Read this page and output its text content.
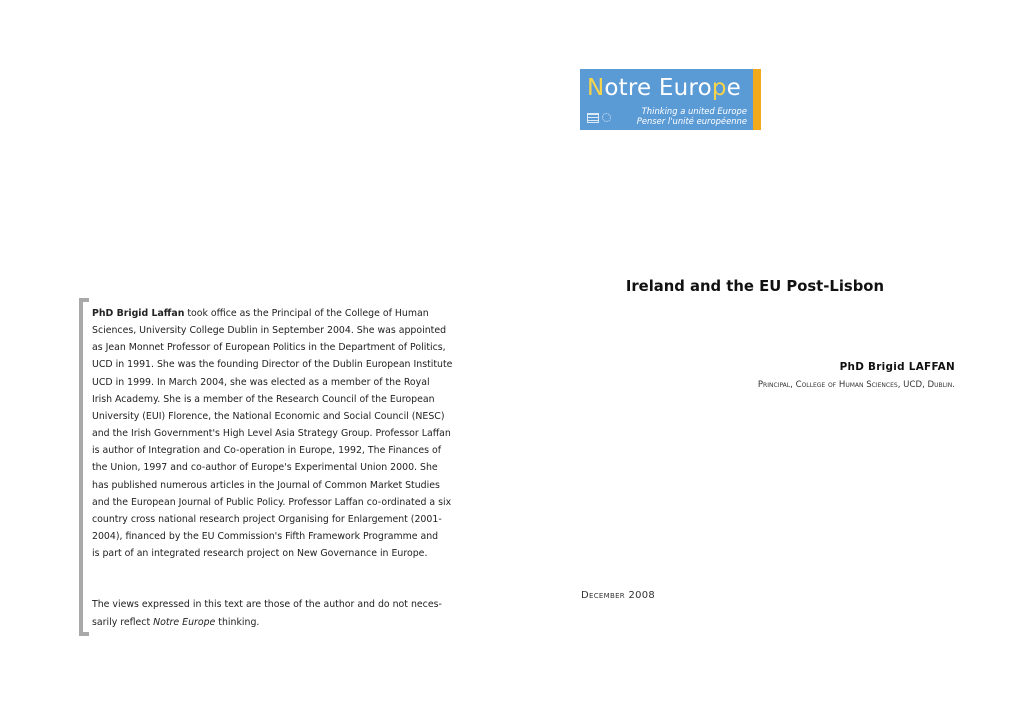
PhD Brigid Laffan took office as the Principal of the College of Human
Sciences, University College Dublin in September 2004. She was appointed
as Jean Monnet Professor of European Politics in the Department of Politics,
UCD in 1991. She was the founding Director of the Dublin European Institute
UCD in 1999. In March 2004, she was elected as a member of the Royal
Irish Academy. She is a member of the Research Council of the European
University (EUI) Florence, the National Economic and Social Council (NESC)
and the Irish Government's High Level Asia Strategy Group. Professor Laffan
is author of Integration and Co-operation in Europe, 1992, The Finances of
the Union, 1997 and co-author of Europe's Experimental Union 2000. She
has published numerous articles in the Journal of Common Market Studies
and the European Journal of Public Policy. Professor Laffan co-ordinated a six
country cross national research project Organising for Enlargement (2001-
2004), financed by the EU Commission's Fifth Framework Programme and
is part of an integrated research project on New Governance in Europe.
The views expressed in this text are those of the author and do not neces-
sarily reflect Notre Europe thinking.
Notre Europe
Thinking a united Europe
Penser l'unité européenne
Ireland and the EU Post-Lisbon
PhD Brigid LAFFAN
Principal, College of Human Sciences, UCD, Dublin.
December 2008
